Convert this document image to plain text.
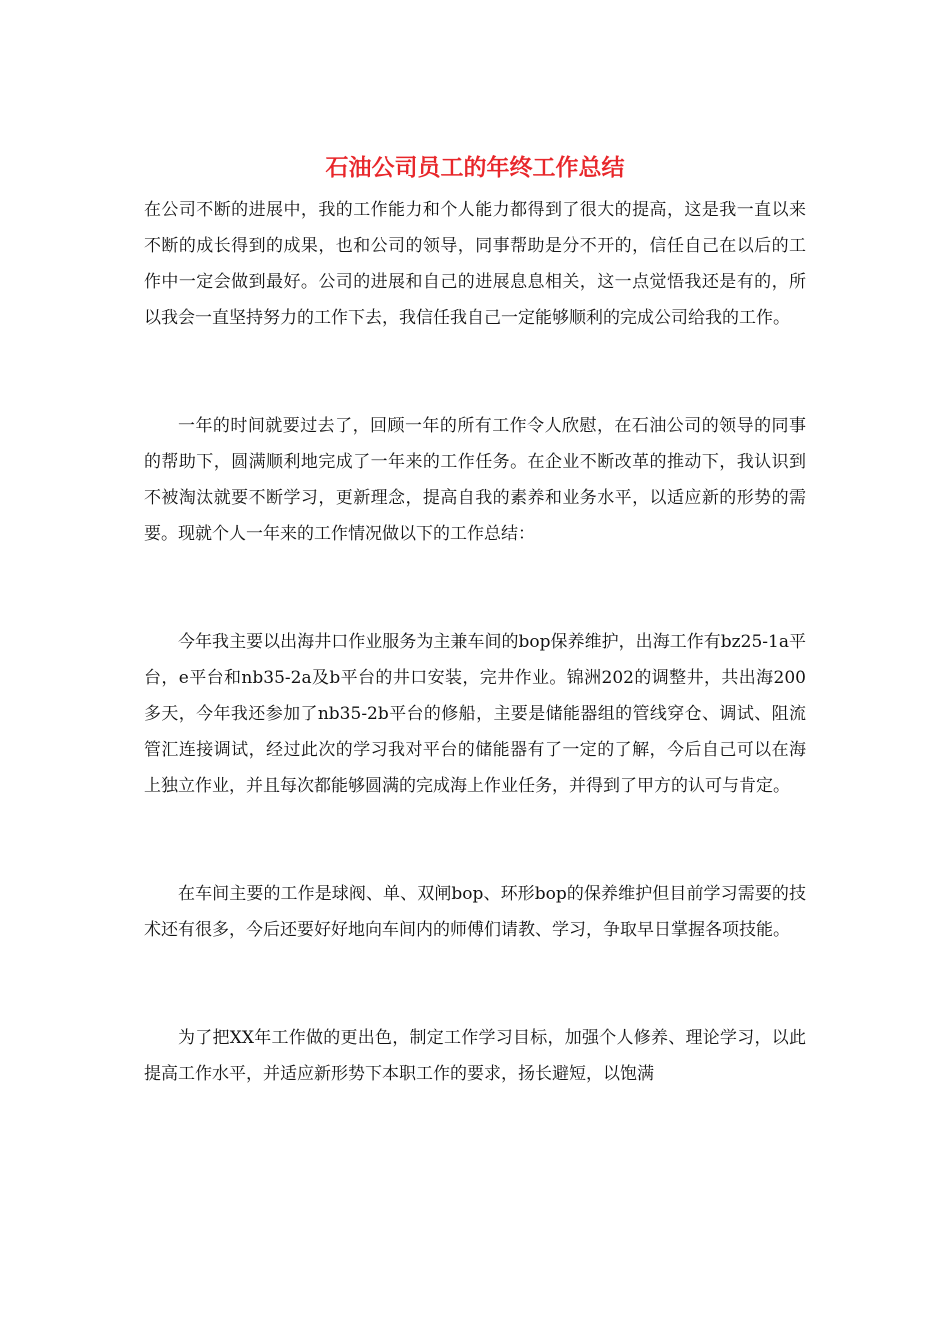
石油公司员工的年终工作总结

在公司不断的进展中，我的工作能力和个人能力都得到了很大的提高，这是我一直以来不断的成长得到的成果，也和公司的领导，同事帮助是分不开的，信任自己在以后的工作中一定会做到最好。公司的进展和自己的进展息息相关，这一点觉悟我还是有的，所以我会一直坚持努力的工作下去，我信任我自己一定能够顺利的完成公司给我的工作。

一年的时间就要过去了，回顾一年的所有工作令人欣慰，在石油公司的领导的同事的帮助下，圆满顺利地完成了一年来的工作任务。在企业不断改革的推动下，我认识到不被淘汰就要不断学习，更新理念，提高自我的素养和业务水平，以适应新的形势的需要。现就个人一年来的工作情况做以下的工作总结：

今年我主要以出海井口作业服务为主兼车间的bop保养维护，出海工作有bz25-1a平台，e平台和nb35-2a及b平台的井口安装，完井作业。锦洲202的调整井，共出海200多天，今年我还参加了nb35-2b平台的修船，主要是储能器组的管线穿仓、调试、阻流管汇连接调试，经过此次的学习我对平台的储能器有了一定的了解，今后自己可以在海上独立作业，并且每次都能够圆满的完成海上作业任务，并得到了甲方的认可与肯定。

在车间主要的工作是球阀、单、双闸bop、环形bop的保养维护但目前学习需要的技术还有很多，今后还要好好地向车间内的师傅们请教、学习，争取早日掌握各项技能。

为了把XX年工作做的更出色，制定工作学习目标，加强个人修养、理论学习，以此提高工作水平，并适应新形势下本职工作的要求，扬长避短，以饱满
